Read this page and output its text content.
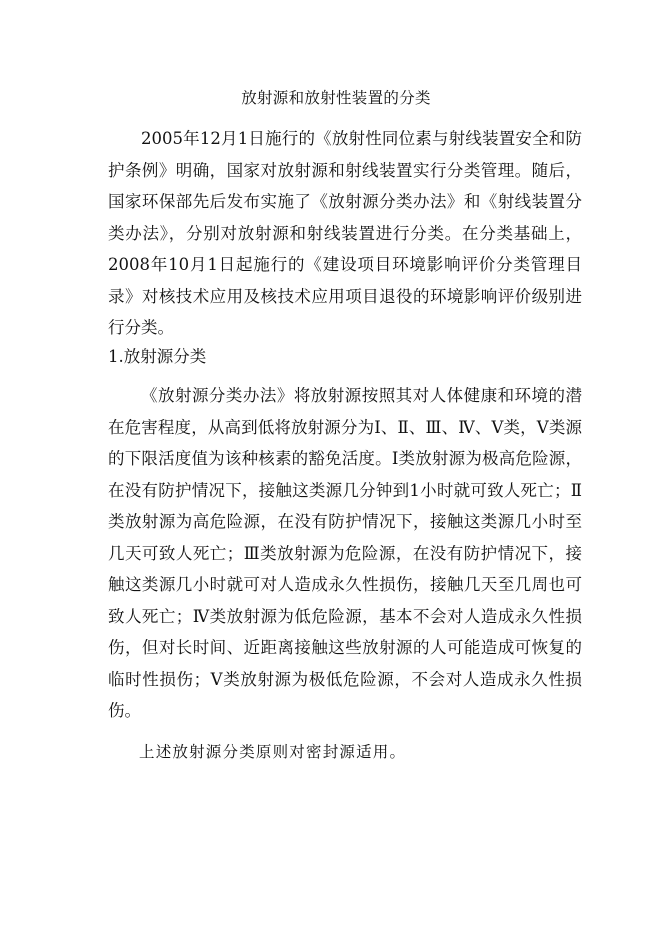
放射源和放射性装置的分类

2005年12月1日施行的《放射性同位素与射线装置安全和防护条例》明确，国家对放射源和射线装置实行分类管理。随后，国家环保部先后发布实施了《放射源分类办法》和《射线装置分类办法》，分别对放射源和射线装置进行分类。在分类基础上，2008年10月1日起施行的《建设项目环境影响评价分类管理目录》对核技术应用及核技术应用项目退役的环境影响评价级别进行分类。

1.放射源分类

《放射源分类办法》将放射源按照其对人体健康和环境的潜在危害程度，从高到低将放射源分为Ⅰ、Ⅱ、Ⅲ、Ⅳ、Ⅴ类，Ⅴ类源的下限活度值为该种核素的豁免活度。Ⅰ类放射源为极高危险源，在没有防护情况下，接触这类源几分钟到1小时就可致人死亡；Ⅱ类放射源为高危险源，在没有防护情况下，接触这类源几小时至几天可致人死亡；Ⅲ类放射源为危险源，在没有防护情况下，接触这类源几小时就可对人造成永久性损伤，接触几天至几周也可致人死亡；Ⅳ类放射源为低危险源，基本不会对人造成永久性损伤，但对长时间、近距离接触这些放射源的人可能造成可恢复的临时性损伤；Ⅴ类放射源为极低危险源，不会对人造成永久性损伤。

上述放射源分类原则对密封源适用。
